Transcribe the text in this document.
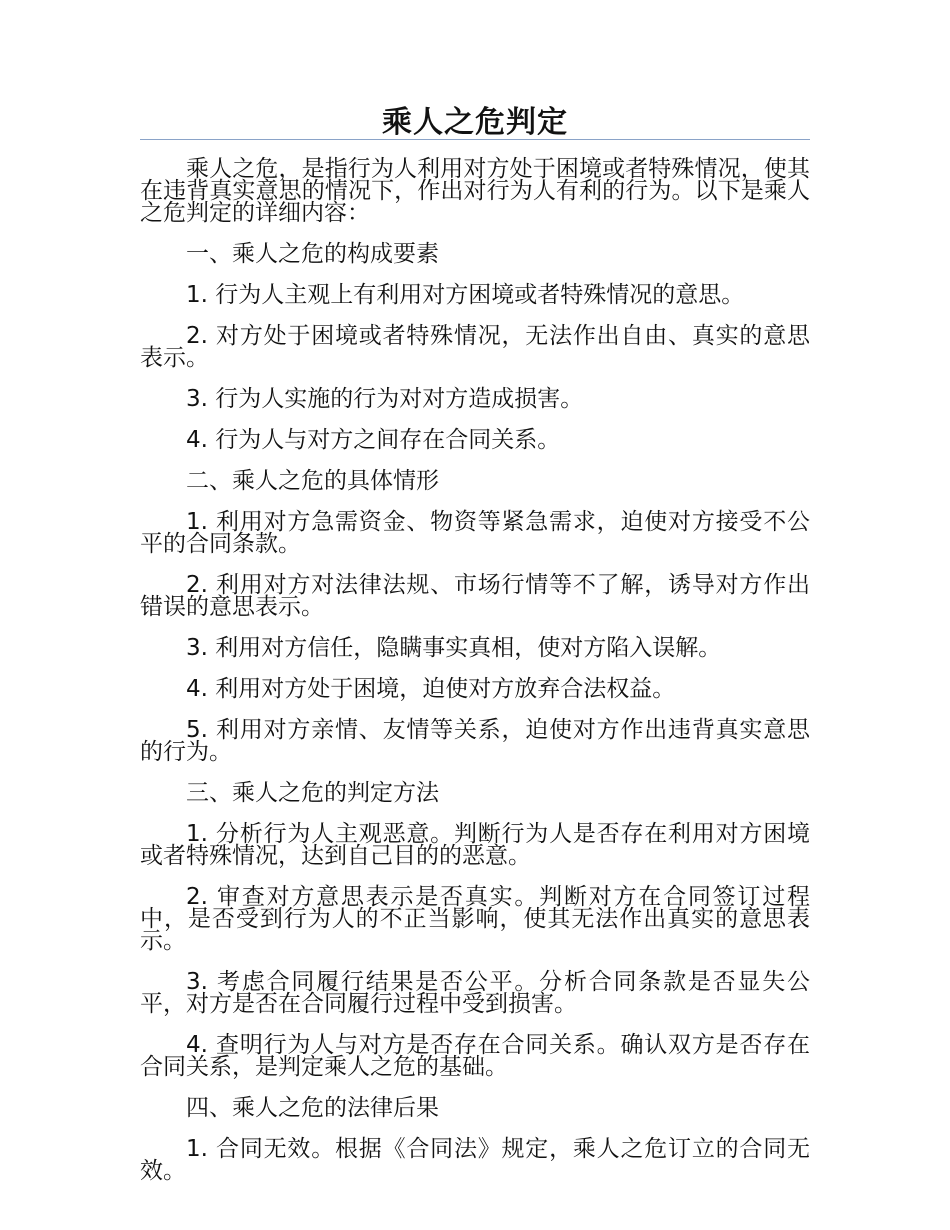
乘人之危判定

乘人之危，是指行为人利用对方处于困境或者特殊情况，使其在违背真实意思的情况下，作出对行为人有利的行为。以下是乘人之危判定的详细内容：

一、乘人之危的构成要素

1. 行为人主观上有利用对方困境或者特殊情况的意思。

2. 对方处于困境或者特殊情况，无法作出自由、真实的意思表示。

3. 行为人实施的行为对对方造成损害。

4. 行为人与对方之间存在合同关系。

二、乘人之危的具体情形

1. 利用对方急需资金、物资等紧急需求，迫使对方接受不公平的合同条款。

2. 利用对方对法律法规、市场行情等不了解，诱导对方作出错误的意思表示。

3. 利用对方信任，隐瞒事实真相，使对方陷入误解。

4. 利用对方处于困境，迫使对方放弃合法权益。

5. 利用对方亲情、友情等关系，迫使对方作出违背真实意思的行为。

三、乘人之危的判定方法

1. 分析行为人主观恶意。判断行为人是否存在利用对方困境或者特殊情况，达到自己目的的恶意。

2. 审查对方意思表示是否真实。判断对方在合同签订过程中，是否受到行为人的不正当影响，使其无法作出真实的意思表示。

3. 考虑合同履行结果是否公平。分析合同条款是否显失公平，对方是否在合同履行过程中受到损害。

4. 查明行为人与对方是否存在合同关系。确认双方是否存在合同关系，是判定乘人之危的基础。

四、乘人之危的法律后果

1. 合同无效。根据《合同法》规定，乘人之危订立的合同无效。
